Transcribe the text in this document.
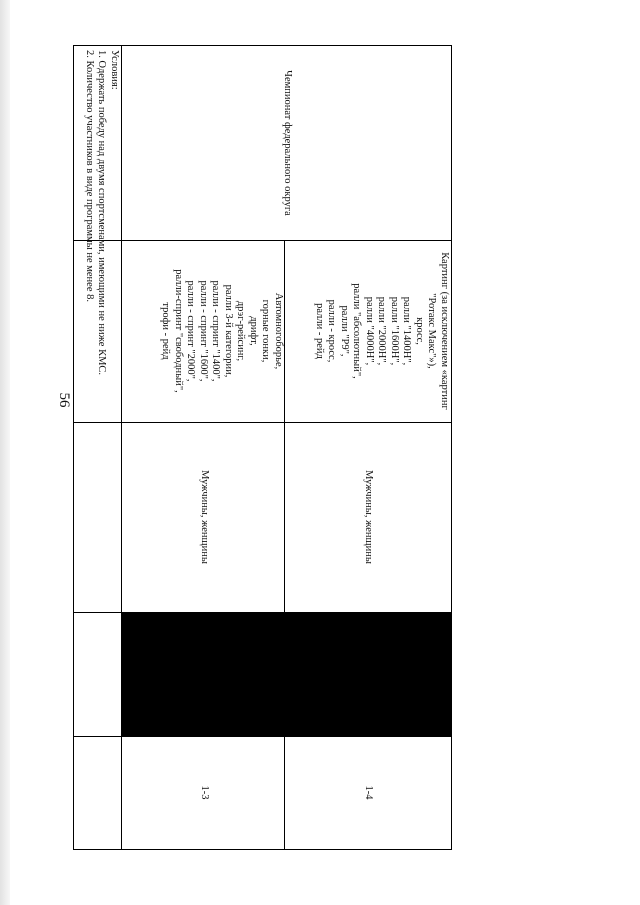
56
Чемпионат федерального округа
Картинг (за исключением «картинг
"Ротакс Макс"»),
кросс,
ралли "1400Н",
ралли "1600Н",
ралли "2000Н",
ралли "4000Н",
ралли "абсолютный",
ралли "Р9",
ралли - кросс,
ралли - рейд
Мужчины, женщины
1-4
Автомногоборье,
горные гонки,
дрифт,
дрэг-рейсинг,
ралли 3-й категории,
ралли - спринт "1400",
ралли - спринт "1600",
ралли - спринт "2000",
ралли-спринт "свободный",
трофи - рейд
Мужчины, женщины
1-3
Условия:
1. Одержать победу над двумя спортсменами, имеющими не ниже КМС.
2. Количество участников в виде программы не менее 8.
